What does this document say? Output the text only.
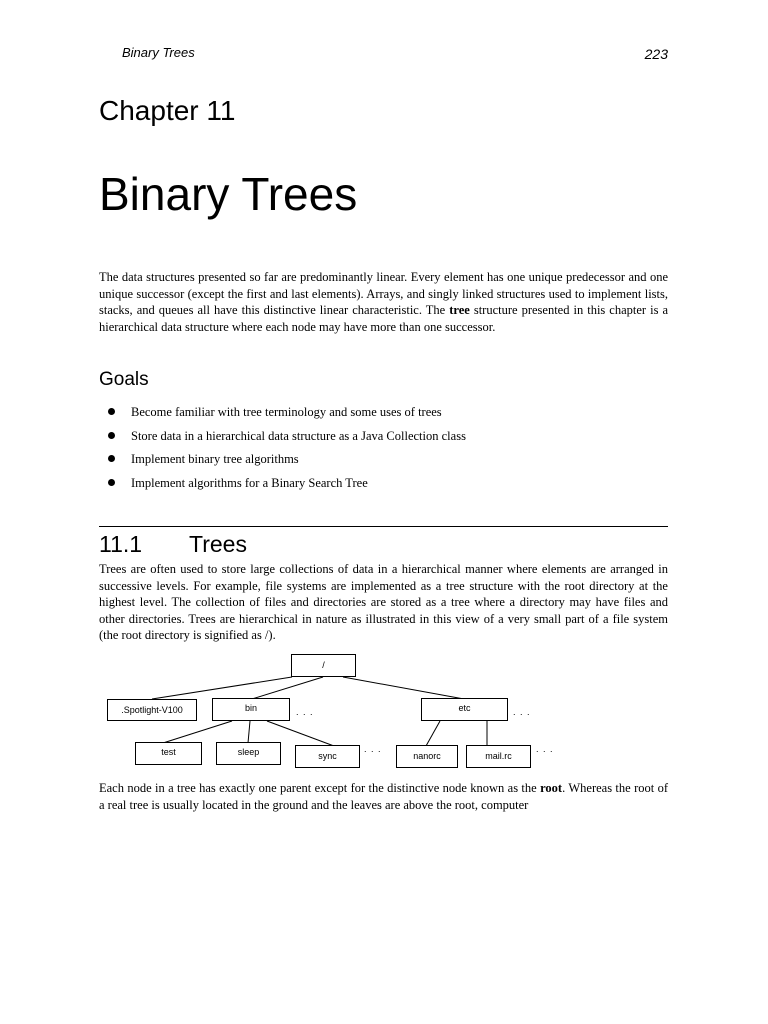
Binary Trees	223
Chapter 11
Binary Trees

The data structures presented so far are predominantly linear. Every element has one unique predecessor and one unique successor (except the first and last elements). Arrays, and singly linked structures used to implement lists, stacks, and queues all have this distinctive linear characteristic. The tree structure presented in this chapter is a hierarchical data structure where each node may have more than one successor.

Goals
Become familiar with tree terminology and some uses of trees
Store data in a hierarchical data structure as a Java Collection class
Implement binary tree algorithms
Implement algorithms for a Binary Search Tree
11.1 Trees

Trees are often used to store large collections of data in a hierarchical manner where elements are arranged in successive levels. For example, file systems are implemented as a tree structure with the root directory at the highest level. The collection of files and directories are stored as a tree where a directory may have files and other directories. Trees are hierarchical in nature as illustrated in this view of a very small part of a file system (the root directory is signified as /).

/
.Spotlight-V100	bin	. . .	etc	. . .
test	sleep	sync
. . .
nanorc	mail.rc
. . .

Each node in a tree has exactly one parent except for the distinctive node known as the root. Whereas the root of a real tree is usually located in the ground and the leaves are above the root, computer
